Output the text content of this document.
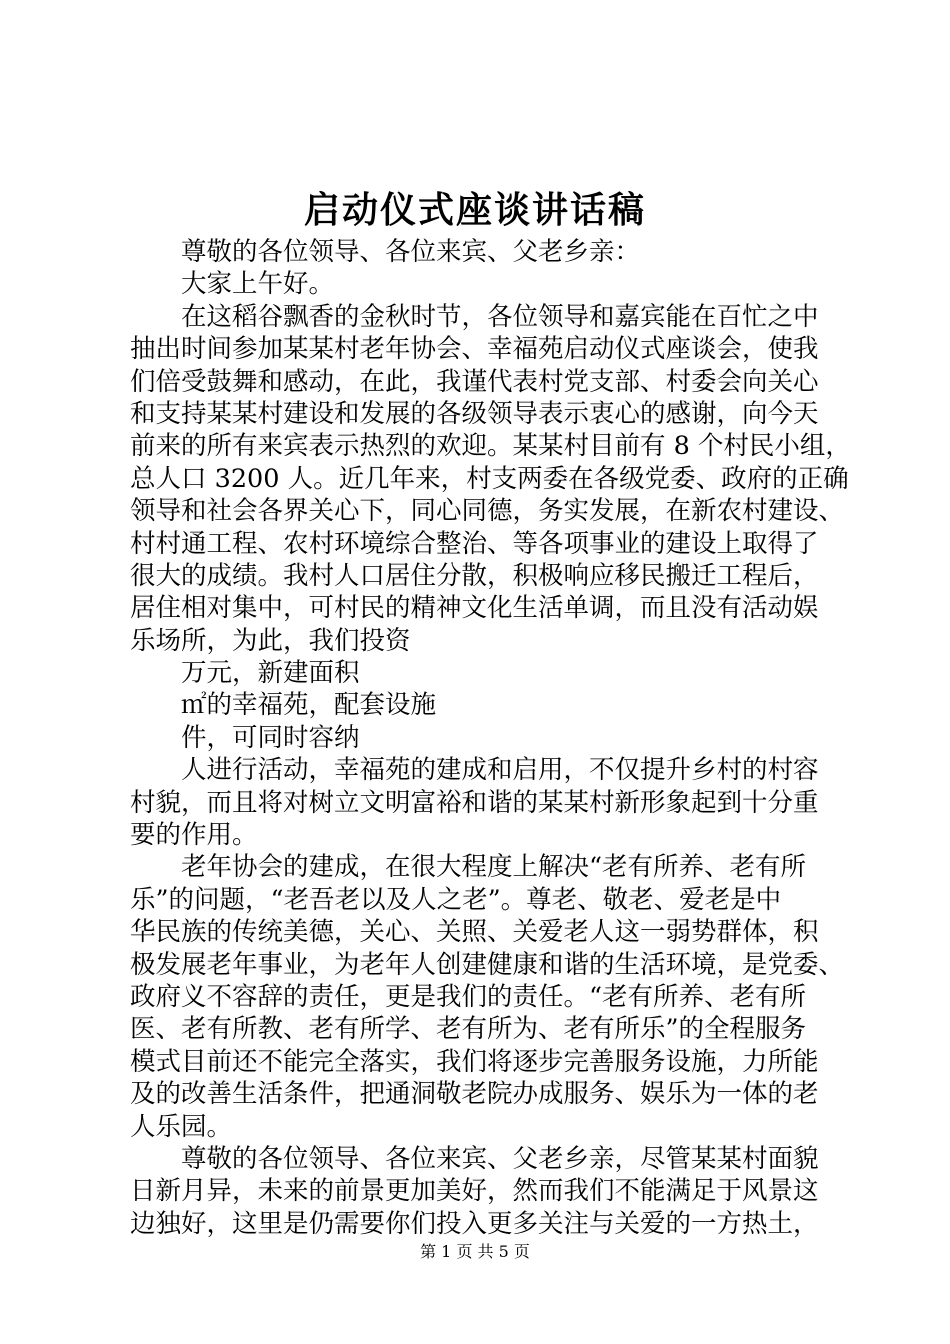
启动仪式座谈讲话稿
　　尊敬的各位领导、各位来宾、父老乡亲：
　　大家上午好。
　　在这稻谷飘香的金秋时节，各位领导和嘉宾能在百忙之中
抽出时间参加某某村老年协会、幸福苑启动仪式座谈会，使我
们倍受鼓舞和感动，在此，我谨代表村党支部、村委会向关心
和支持某某村建设和发展的各级领导表示衷心的感谢，向今天
前来的所有来宾表示热烈的欢迎。某某村目前有 8 个村民小组，
总人口 3200 人。近几年来，村支两委在各级党委、政府的正确
领导和社会各界关心下，同心同德，务实发展，在新农村建设、
村村通工程、农村环境综合整治、等各项事业的建设上取得了
很大的成绩。我村人口居住分散，积极响应移民搬迁工程后，
居住相对集中，可村民的精神文化生活单调，而且没有活动娱
乐场所，为此，我们投资
　　万元，新建面积
　　㎡的幸福苑，配套设施
　　件，可同时容纳
　　人进行活动，幸福苑的建成和启用，不仅提升乡村的村容
村貌，而且将对树立文明富裕和谐的某某村新形象起到十分重
要的作用。
　　老年协会的建成，在很大程度上解决“老有所养、老有所
乐”的问题，“老吾老以及人之老”。尊老、敬老、爱老是中
华民族的传统美德，关心、关照、关爱老人这一弱势群体，积
极发展老年事业，为老年人创建健康和谐的生活环境，是党委、
政府义不容辞的责任，更是我们的责任。“老有所养、老有所
医、老有所教、老有所学、老有所为、老有所乐”的全程服务
模式目前还不能完全落实，我们将逐步完善服务设施，力所能
及的改善生活条件，把通洞敬老院办成服务、娱乐为一体的老
人乐园。
　　尊敬的各位领导、各位来宾、父老乡亲，尽管某某村面貌
日新月异，未来的前景更加美好，然而我们不能满足于风景这
边独好，这里是仍需要你们投入更多关注与关爱的一方热土，
第 1 页 共 5 页
